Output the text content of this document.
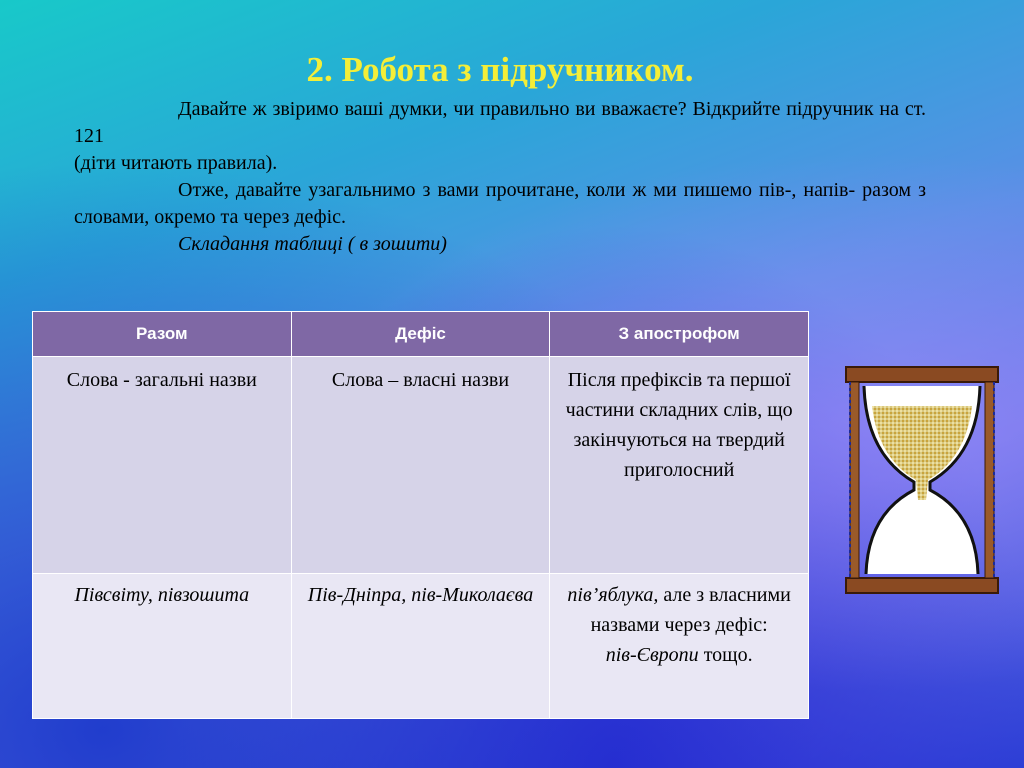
2. Робота з підручником.

Давайте ж звіримо ваші думки, чи правильно ви вважаєте? Відкрийте підручник на ст. 121

(діти читають правила).

Отже, давайте узагальнимо з вами прочитане, коли ж ми пишемо пів-, напів- разом з словами, окремо та через дефіс.

Складання таблиці ( в зошити)

Разом	Дефіс	З апострофом
Слова - загальні назви	Слова – власні назви	Після префіксів та першої частини складних слів, що закінчуються на твердий приголосний
Півсвіту, півзошита	Пів-Дніпра, пів-Миколаєва	пів’яблука, але з власними назвами через дефіс:
пів-Європи тощо.
